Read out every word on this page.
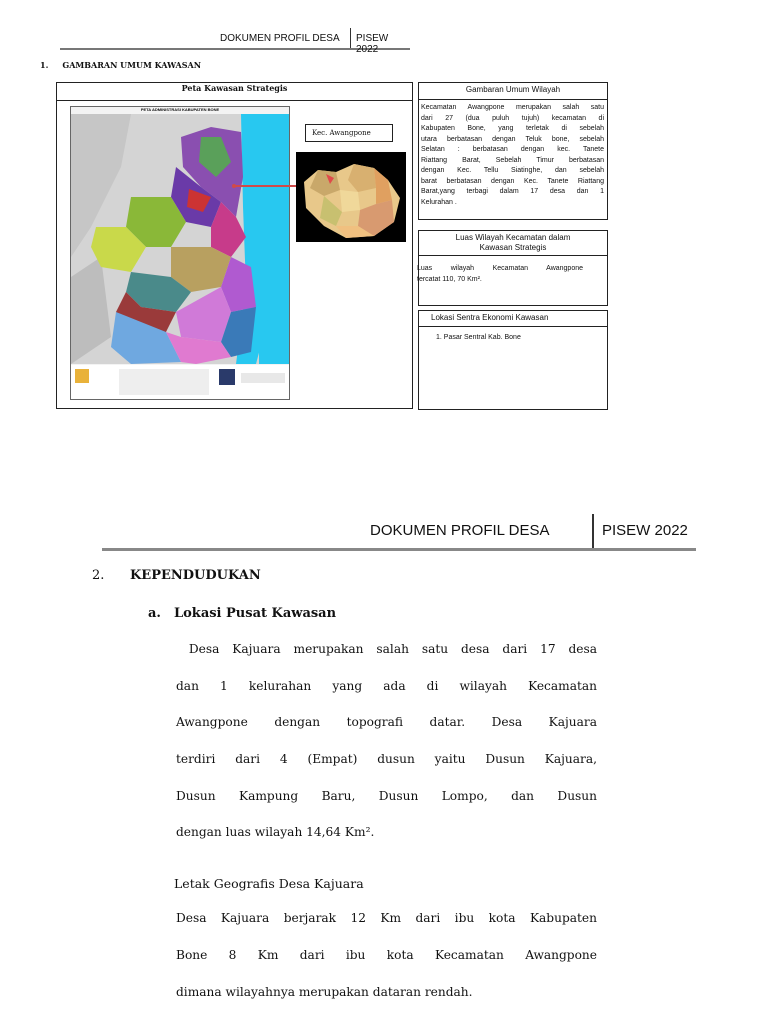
DOKUMEN PROFIL DESA PISEW 2022
1. GAMBARAN UMUM KAWASAN
Peta Kawasan Strategis
PETA ADMINISTRASI KABUPATEN BONE
Kec. Awangpone
Gambaran Umum Wilayah
Kecamatan Awangpone merupakan salah satu
dari 27 (dua puluh tujuh) kecamatan di
Kabupaten Bone, yang terletak di sebelah
utara berbatasan dengan Teluk bone, sebelah
Selatan : berbatasan dengan kec. Tanete
Riattang Barat, Sebelah Timur berbatasan
dengan Kec. Tellu Siatinghe, dan sebelah
barat berbatasan dengan Kec. Tanete Riattang
Barat,yang terbagi dalam 17 desa dan 1
Kelurahan .
Luas Wilayah Kecamatan dalam
Kawasan Strategis
Luas wilayah Kecamatan Awangpone
tercatat 110, 70 Km².
Lokasi Sentra Ekonomi Kawasan
1. Pasar Sentral Kab. Bone
DOKUMEN PROFIL DESA	PISEW 2022
2. KEPENDUDUKAN
a. Lokasi Pusat Kawasan
Desa Kajuara merupakan salah satu desa dari 17 desa
dan 1 kelurahan yang ada di wilayah Kecamatan
Awangpone dengan topografi datar. Desa Kajuara
terdiri dari 4 (Empat) dusun yaitu Dusun Kajuara,
Dusun Kampung Baru, Dusun Lompo, dan Dusun
dengan luas wilayah 14,64 Km².
Letak Geografis Desa Kajuara
Desa Kajuara berjarak 12 Km dari ibu kota Kabupaten
Bone 8 Km dari ibu kota Kecamatan Awangpone
dimana wilayahnya merupakan dataran rendah.
